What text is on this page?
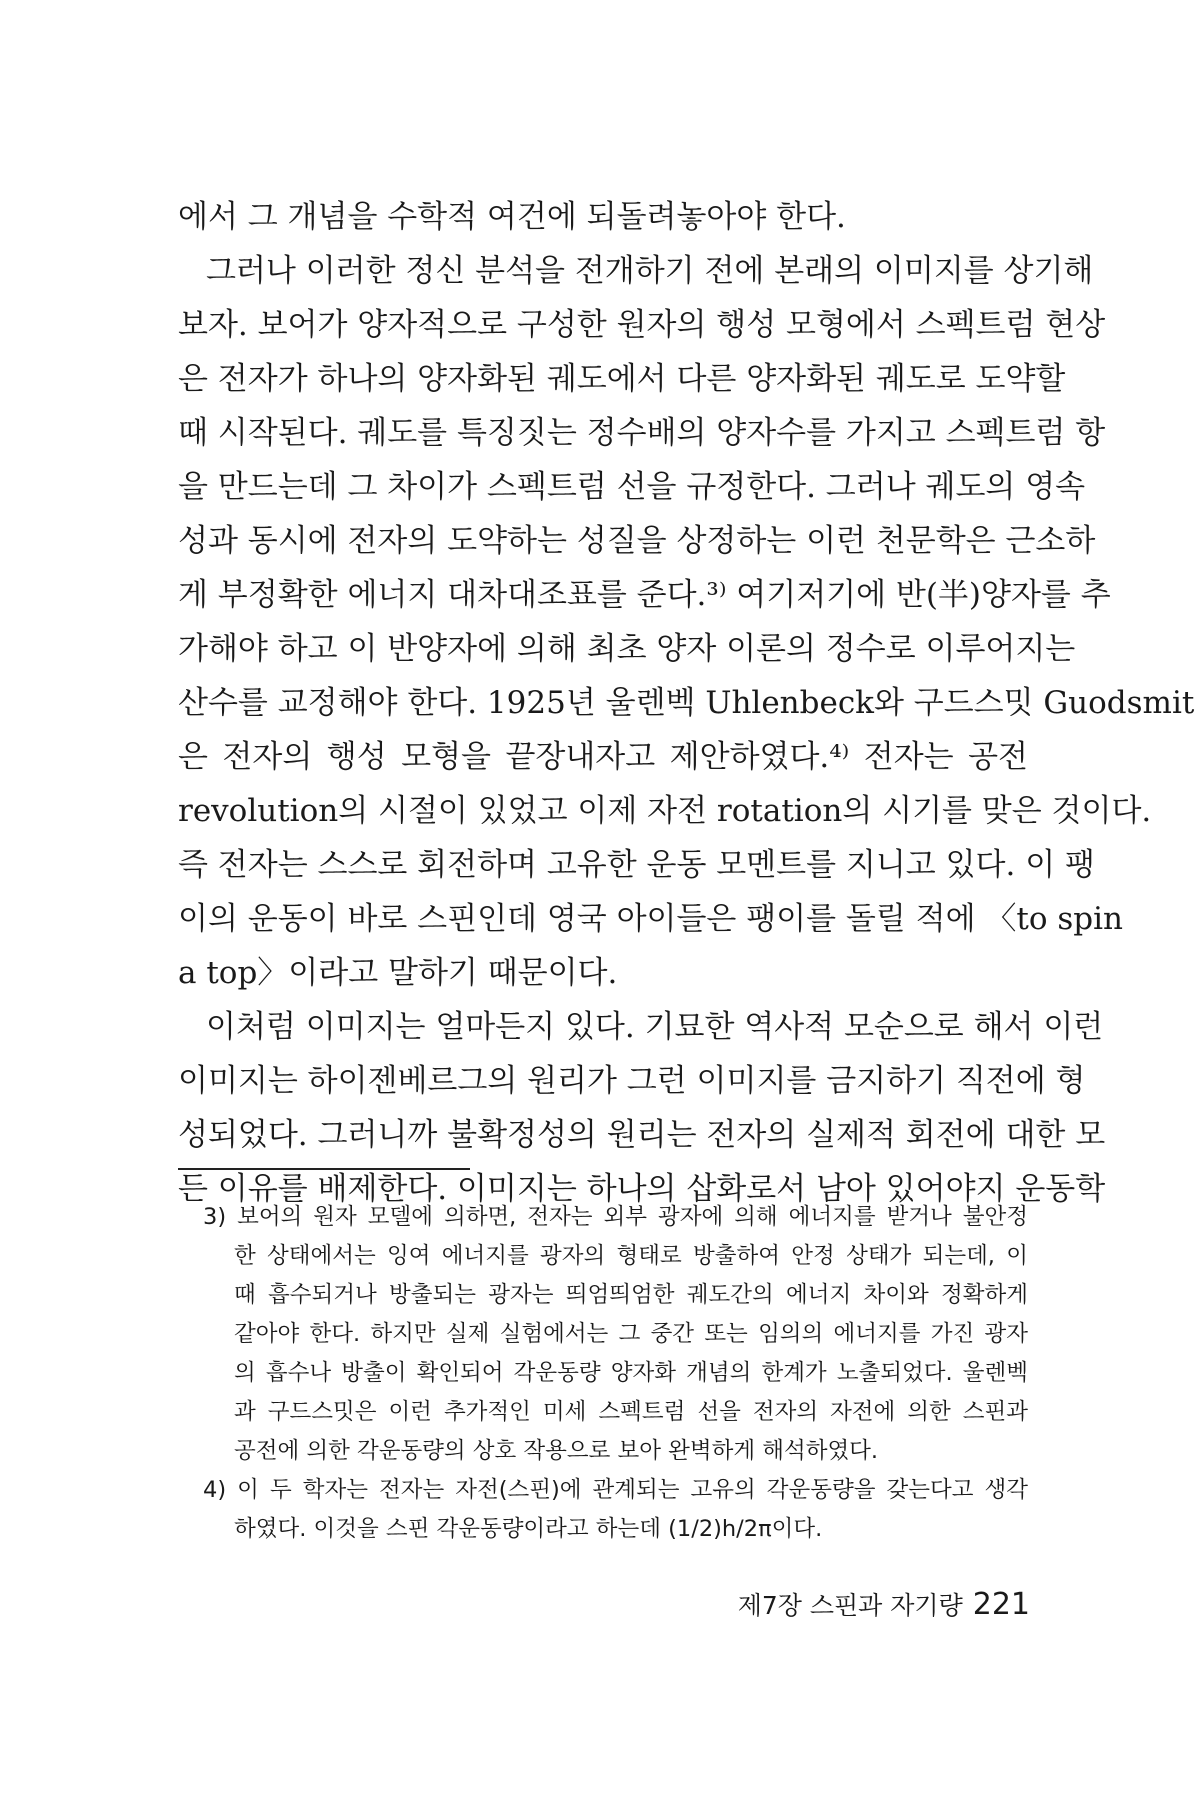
에서 그 개념을 수학적 여건에 되돌려놓아야 한다.
그러나 이러한 정신 분석을 전개하기 전에 본래의 이미지를 상기해
보자. 보어가 양자적으로 구성한 원자의 행성 모형에서 스펙트럼 현상
은 전자가 하나의 양자화된 궤도에서 다른 양자화된 궤도로 도약할
때 시작된다. 궤도를 특징짓는 정수배의 양자수를 가지고 스펙트럼 항
을 만드는데 그 차이가 스펙트럼 선을 규정한다. 그러나 궤도의 영속
성과 동시에 전자의 도약하는 성질을 상정하는 이런 천문학은 근소하
게 부정확한 에너지 대차대조표를 준다.³⁾ 여기저기에 반(半)양자를 추
가해야 하고 이 반양자에 의해 최초 양자 이론의 정수로 이루어지는
산수를 교정해야 한다. 1925년 울렌벡 Uhlenbeck와 구드스밋 Guodsmit
은 전자의 행성 모형을 끝장내자고 제안하였다.⁴⁾ 전자는 공전
revolution의 시절이 있었고 이제 자전 rotation의 시기를 맞은 것이다.
즉 전자는 스스로 회전하며 고유한 운동 모멘트를 지니고 있다. 이 팽
이의 운동이 바로 스핀인데 영국 아이들은 팽이를 돌릴 적에 〈to spin
a top〉이라고 말하기 때문이다.
이처럼 이미지는 얼마든지 있다. 기묘한 역사적 모순으로 해서 이런
이미지는 하이젠베르그의 원리가 그런 이미지를 금지하기 직전에 형
성되었다. 그러니까 불확정성의 원리는 전자의 실제적 회전에 대한 모
든 이유를 배제한다. 이미지는 하나의 삽화로서 남아 있어야지 운동학
3) 보어의 원자 모델에 의하면, 전자는 외부 광자에 의해 에너지를 받거나 불안정
한 상태에서는 잉여 에너지를 광자의 형태로 방출하여 안정 상태가 되는데, 이
때 흡수되거나 방출되는 광자는 띄엄띄엄한 궤도간의 에너지 차이와 정확하게
같아야 한다. 하지만 실제 실험에서는 그 중간 또는 임의의 에너지를 가진 광자
의 흡수나 방출이 확인되어 각운동량 양자화 개념의 한계가 노출되었다. 울렌벡
과 구드스밋은 이런 추가적인 미세 스펙트럼 선을 전자의 자전에 의한 스핀과
공전에 의한 각운동량의 상호 작용으로 보아 완벽하게 해석하였다.
4) 이 두 학자는 전자는 자전(스핀)에 관계되는 고유의 각운동량을 갖는다고 생각
하였다. 이것을 스핀 각운동량이라고 하는데 (1/2)h/2π이다.
제7장 스핀과 자기량 221
